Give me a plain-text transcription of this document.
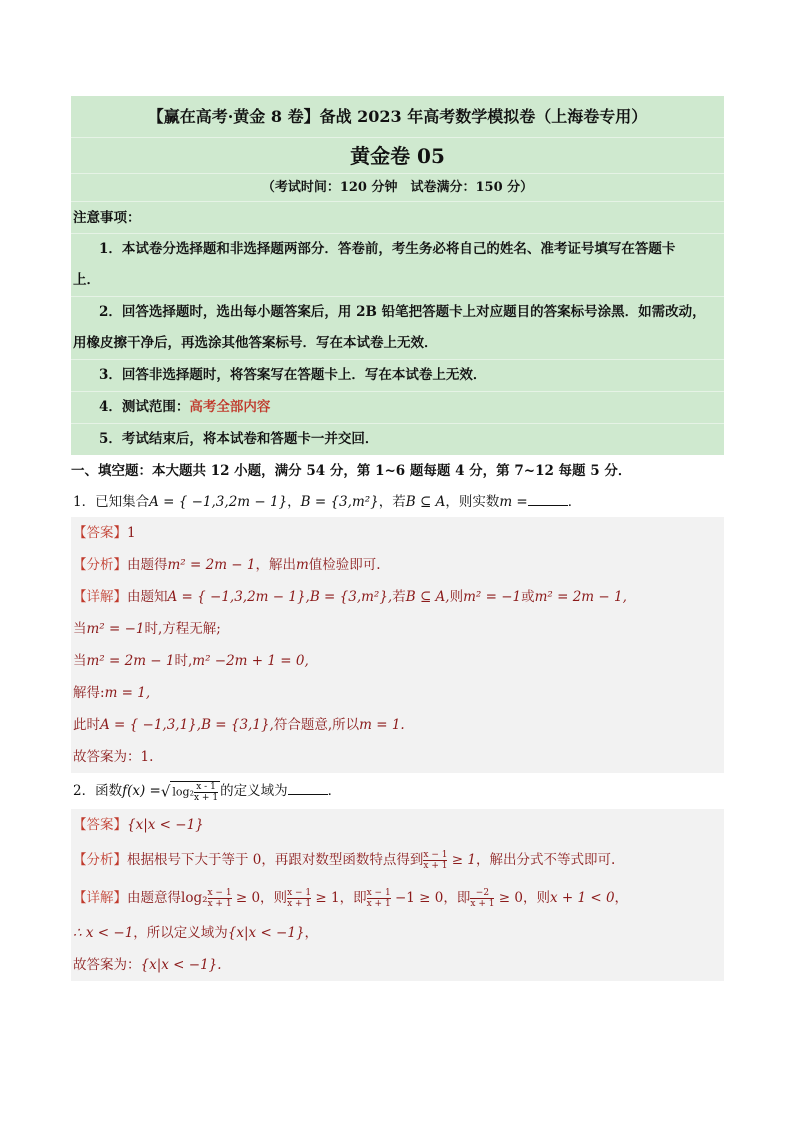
【赢在高考·黄金 8 卷】备战 2023 年高考数学模拟卷（上海卷专用）
黄金卷 05
（考试时间：120 分钟　试卷满分：150 分）
注意事项：
1．本试卷分选择题和非选择题两部分．答卷前，考生务必将自己的姓名、准考证号填写在答题卡
上．
2．回答选择题时，选出每小题答案后，用 2B 铅笔把答题卡上对应题目的答案标号涂黑．如需改动，
用橡皮擦干净后，再选涂其他答案标号．写在本试卷上无效．
3．回答非选择题时，将答案写在答题卡上．写在本试卷上无效．
4．测试范围：高考全部内容
5．考试结束后，将本试卷和答题卡一并交回．
一、填空题：本大题共 12 小题，满分 54 分，第 1~6 题每题 4 分，第 7~12 每题 5 分．
1．已知集合A = { −1,3,2m − 1}，B = {3,m²}，若B ⊆ A，则实数m =	．
【答案】1
【分析】由题得m² = 2m − 1，解出m值检验即可.
【详解】由题知A = { −1,3,2m − 1},B = {3,m²},若B ⊆ A,则m² = −1或m² = 2m − 1,
当m² = −1时,方程无解;
当m² = 2m − 1时,m² −2m + 1 = 0,
解得:m = 1,
此时A = { −1,3,1},B = {3,1},符合题意,所以m = 1.
故答案为：1.
2．函数f(x) =√ $\log_2 \frac{x - 1}{x + 1}$ 的定义域为	．
【答案】{x|x < −1}
【分析】根据根号下大于等于 0，再跟对数型函数特点得到 $\frac{x - 1}{x + 1} \ge 1$，解出分式不等式即可.
【详解】由题意得$\log_2 \frac{x - 1}{x + 1} \ge 0$，则 $\frac{x - 1}{x + 1} \ge 1$，即 $\frac{x - 1}{x + 1} -1 \ge 0$，即 $\frac{-2}{x + 1} \ge 0$，则x + 1 < 0，
∴ x < −1，所以定义域为{x|x < −1}，
故答案为：{x|x < −1}.
